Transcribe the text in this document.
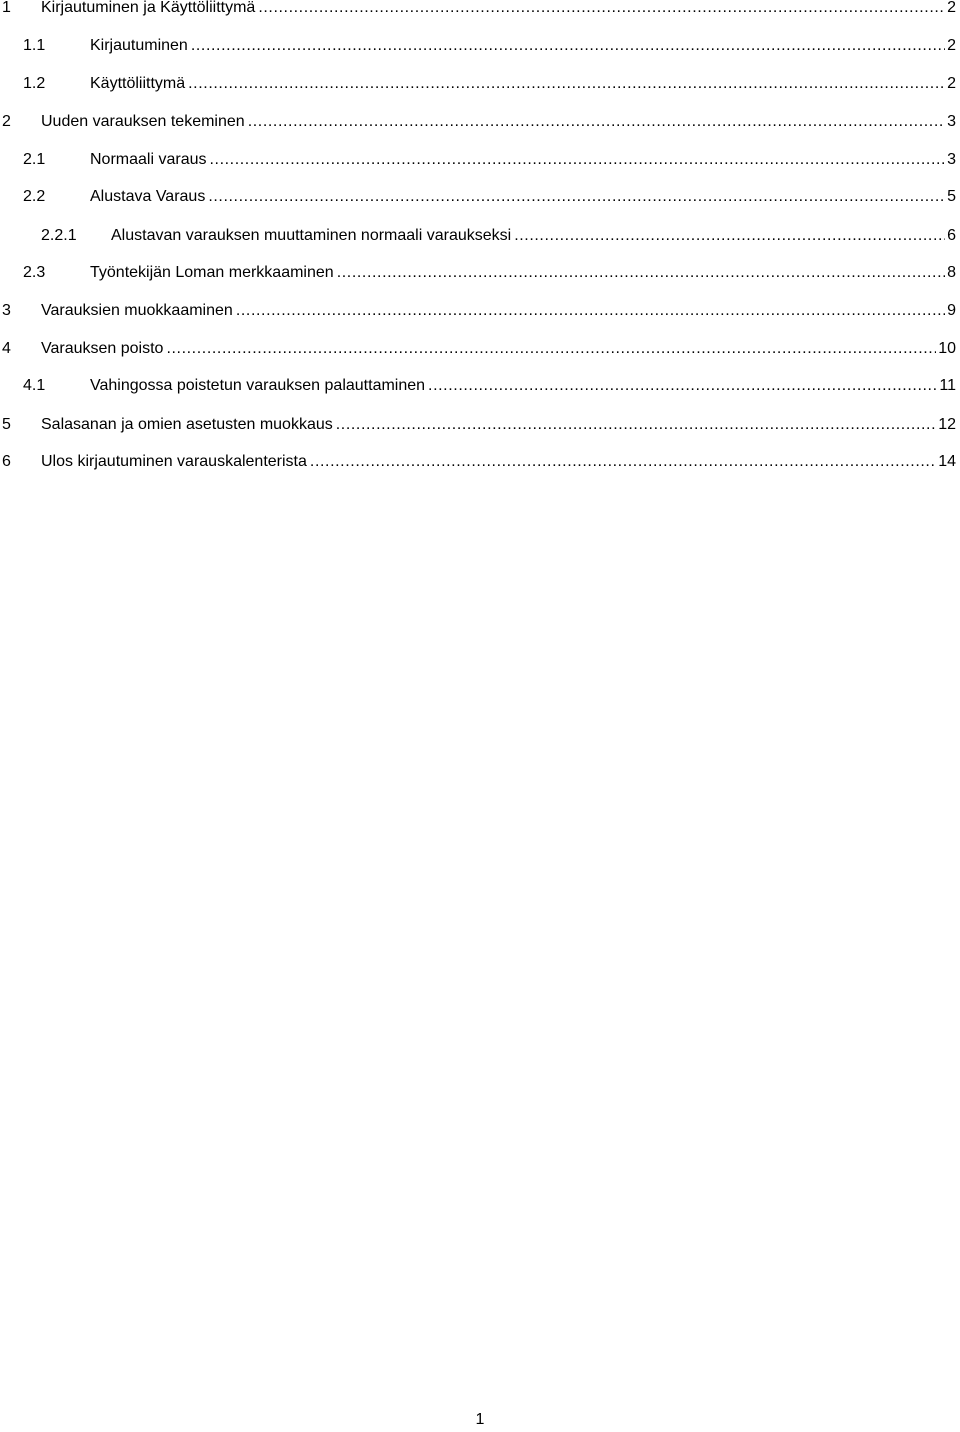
1 Kirjautuminen ja Käyttöliittymä .....	2
1.1	Kirjautuminen .....	2
1.2	Käyttöliittymä .....	2
2 Uuden varauksen tekeminen .....	3
2.1	Normaali varaus .....	3
2.2	Alustava Varaus .....	5
2.2.1 Alustavan varauksen muuttaminen normaali varaukseksi .....	6
2.3	Työntekijän Loman merkkaaminen .....	8
3 Varauksien muokkaaminen .....	9
4 Varauksen poisto .....	10
4.1	Vahingossa poistetun varauksen palauttaminen .....	11
5 Salasanan ja omien asetusten muokkaus .....	12
6 Ulos kirjautuminen varauskalenterista .....	14
1
